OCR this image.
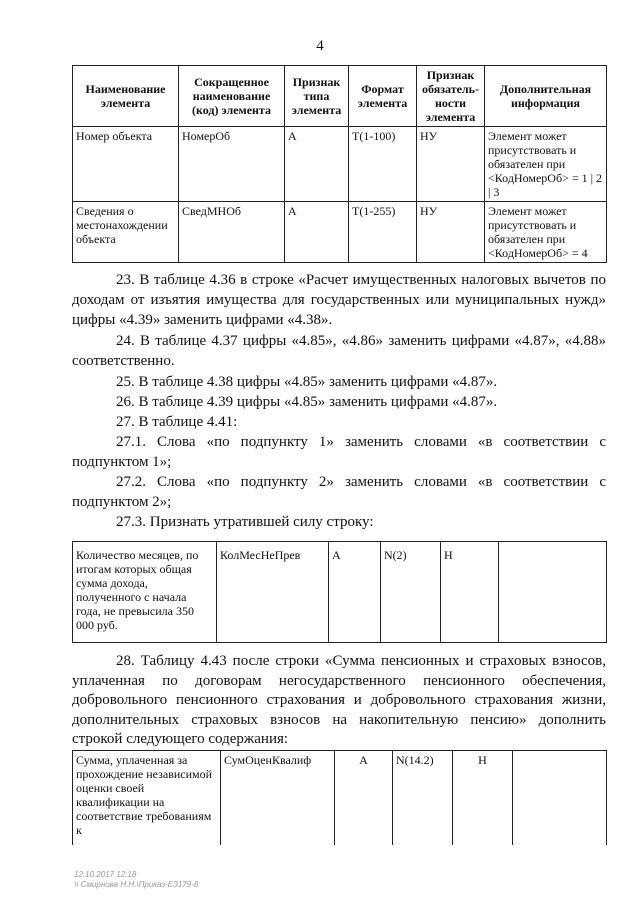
4
Наименование элемента	Сокращенное наименование (код) элемента	Признак типа элемента	Формат элемента	Признак обязатель- ности элемента	Дополнительная информация
Номер объекта	НомерОб	А	T(1-100)	НУ	Элемент может присутствовать и обязателен при <КодНомерОб> = 1 | 2 | 3
Сведения о местонахождении объекта	СведМНОб	А	T(1-255)	НУ	Элемент может присутствовать и обязателен при <КодНомерОб> = 4

23. В таблице 4.36 в строке «Расчет имущественных налоговых вычетов по доходам от изъятия имущества для государственных или муниципальных нужд» цифры «4.39» заменить цифрами «4.38».

24. В таблице 4.37 цифры «4.85», «4.86» заменить цифрами «4.87», «4.88» соответственно.

25. В таблице 4.38 цифры «4.85» заменить цифрами «4.87».

26. В таблице 4.39 цифры «4.85» заменить цифрами «4.87».

27. В таблице 4.41:

27.1. Слова «по подпункту 1» заменить словами «в соответствии с подпунктом 1»;

27.2. Слова «по подпункту 2» заменить словами «в соответствии с подпунктом 2»;

27.3. Признать утратившей силу строку:

Количество месяцев, по итогам которых общая сумма дохода, полученного с начала года, не превысила 350 000 руб.	КолМесНеПрев	А	N(2)	Н	

28. Таблицу 4.43 после строки «Сумма пенсионных и страховых взносов, уплаченная по договорам негосударственного пенсионного обеспечения, добровольного пенсионного страхования и добровольного страхования жизни, дополнительных страховых взносов на накопительную пенсию» дополнить строкой следующего содержания:

Сумма, уплаченная за прохождение независимой оценки своей квалификации на соответствие требованиям к	СумОценКвалиф	А	N(14.2)	Н	
12.10.2017 12:18
\\ Смирнова Н.Н.\Приказ-ЕЗ179-8
